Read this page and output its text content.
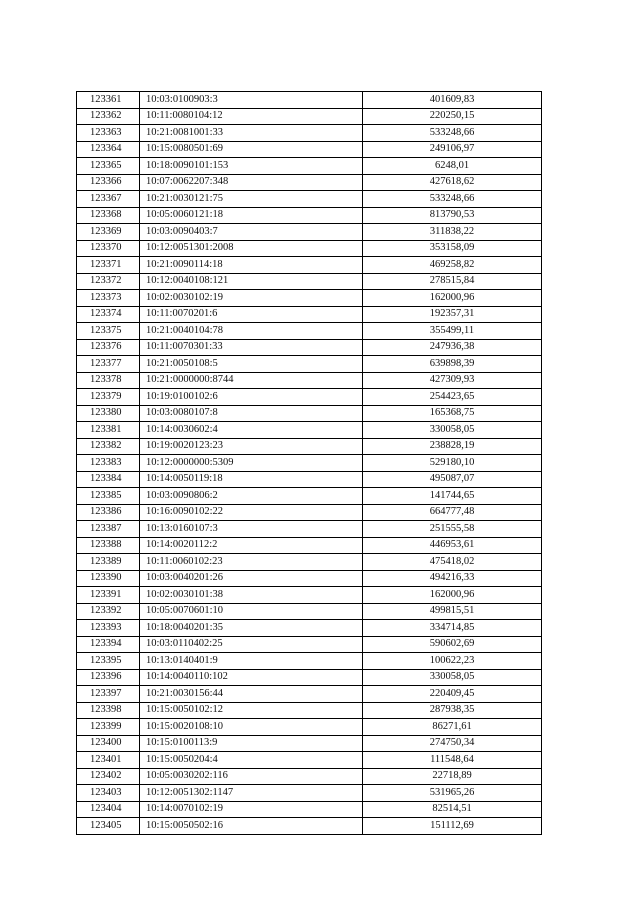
123361	10:03:0100903:3	401609,83
123362	10:11:0080104:12	220250,15
123363	10:21:0081001:33	533248,66
123364	10:15:0080501:69	249106,97
123365	10:18:0090101:153	6248,01
123366	10:07:0062207:348	427618,62
123367	10:21:0030121:75	533248,66
123368	10:05:0060121:18	813790,53
123369	10:03:0090403:7	311838,22
123370	10:12:0051301:2008	353158,09
123371	10:21:0090114:18	469258,82
123372	10:12:0040108:121	278515,84
123373	10:02:0030102:19	162000,96
123374	10:11:0070201:6	192357,31
123375	10:21:0040104:78	355499,11
123376	10:11:0070301:33	247936,38
123377	10:21:0050108:5	639898,39
123378	10:21:0000000:8744	427309,93
123379	10:19:0100102:6	254423,65
123380	10:03:0080107:8	165368,75
123381	10:14:0030602:4	330058,05
123382	10:19:0020123:23	238828,19
123383	10:12:0000000:5309	529180,10
123384	10:14:0050119:18	495087,07
123385	10:03:0090806:2	141744,65
123386	10:16:0090102:22	664777,48
123387	10:13:0160107:3	251555,58
123388	10:14:0020112:2	446953,61
123389	10:11:0060102:23	475418,02
123390	10:03:0040201:26	494216,33
123391	10:02:0030101:38	162000,96
123392	10:05:0070601:10	499815,51
123393	10:18:0040201:35	334714,85
123394	10:03:0110402:25	590602,69
123395	10:13:0140401:9	100622,23
123396	10:14:0040110:102	330058,05
123397	10:21:0030156:44	220409,45
123398	10:15:0050102:12	287938,35
123399	10:15:0020108:10	86271,61
123400	10:15:0100113:9	274750,34
123401	10:15:0050204:4	111548,64
123402	10:05:0030202:116	22718,89
123403	10:12:0051302:1147	531965,26
123404	10:14:0070102:19	82514,51
123405	10:15:0050502:16	151112,69
